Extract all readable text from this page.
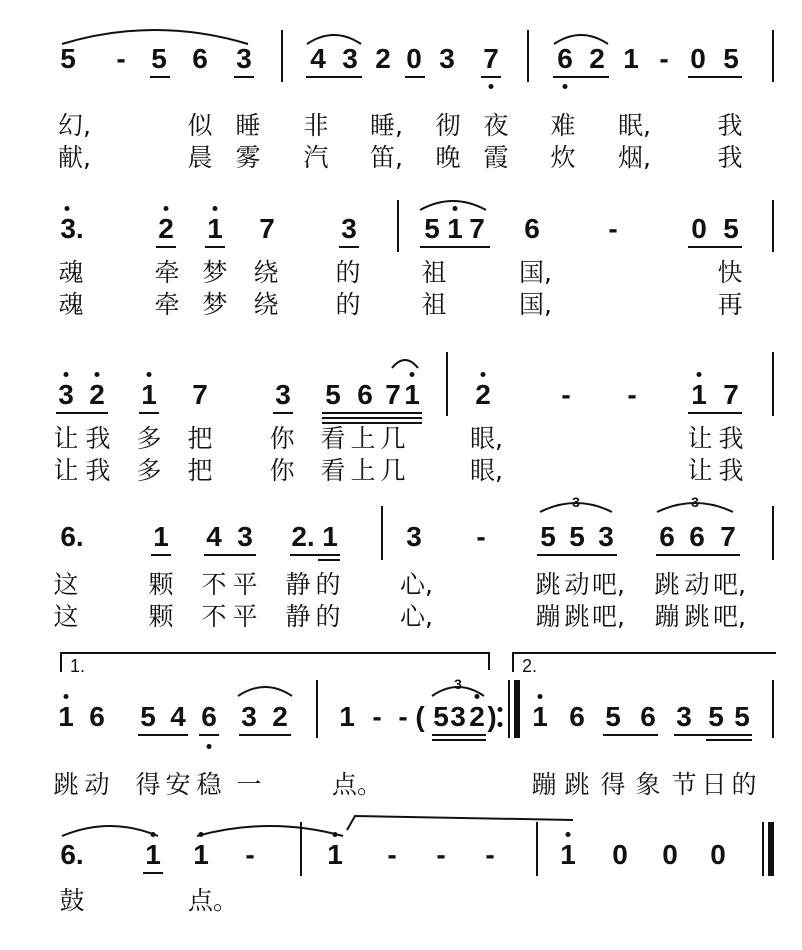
5 - 5 6 3 4 3 2 0 3 7 6 2 1 - 0 5
幻,	似 睡 非 睡, 彻 夜 难 眠,	我
献,	晨 雾 汽 笛, 晚 霞 炊 烟,	我
3.	2 1 7 3 5 1 7 6 -	0 5
魂	牵 梦 绕 的 祖	国,	快
魂	牵 梦 绕 的 祖	国,	再
3 2 1 7 3 5 6 7 1 2	- - 1 7
让 我 多 把 你 看 上 几	眼,	让 我
让 我 多 把 你 看 上 几	眼,	让 我
6. 1 4 3 2. 1 3 -
3
5 5 3
3
6 6 7
这	颗 不 平 静 的 心,	跳 动 吧, 跳 动 吧,
这	颗 不 平 静 的 心,	蹦 跳 吧, 蹦 跳 吧,
1.	2.
1 6 5 4 6 3 2 1 - - (
3
5 3 2 ) 1 6 5 6 3 5 5
跳 动 得 安 稳 一	点。	蹦 跳 得 象 节 日 的
6. 1 1 -	1 - - - 1 0 0 0
鼓	点。
